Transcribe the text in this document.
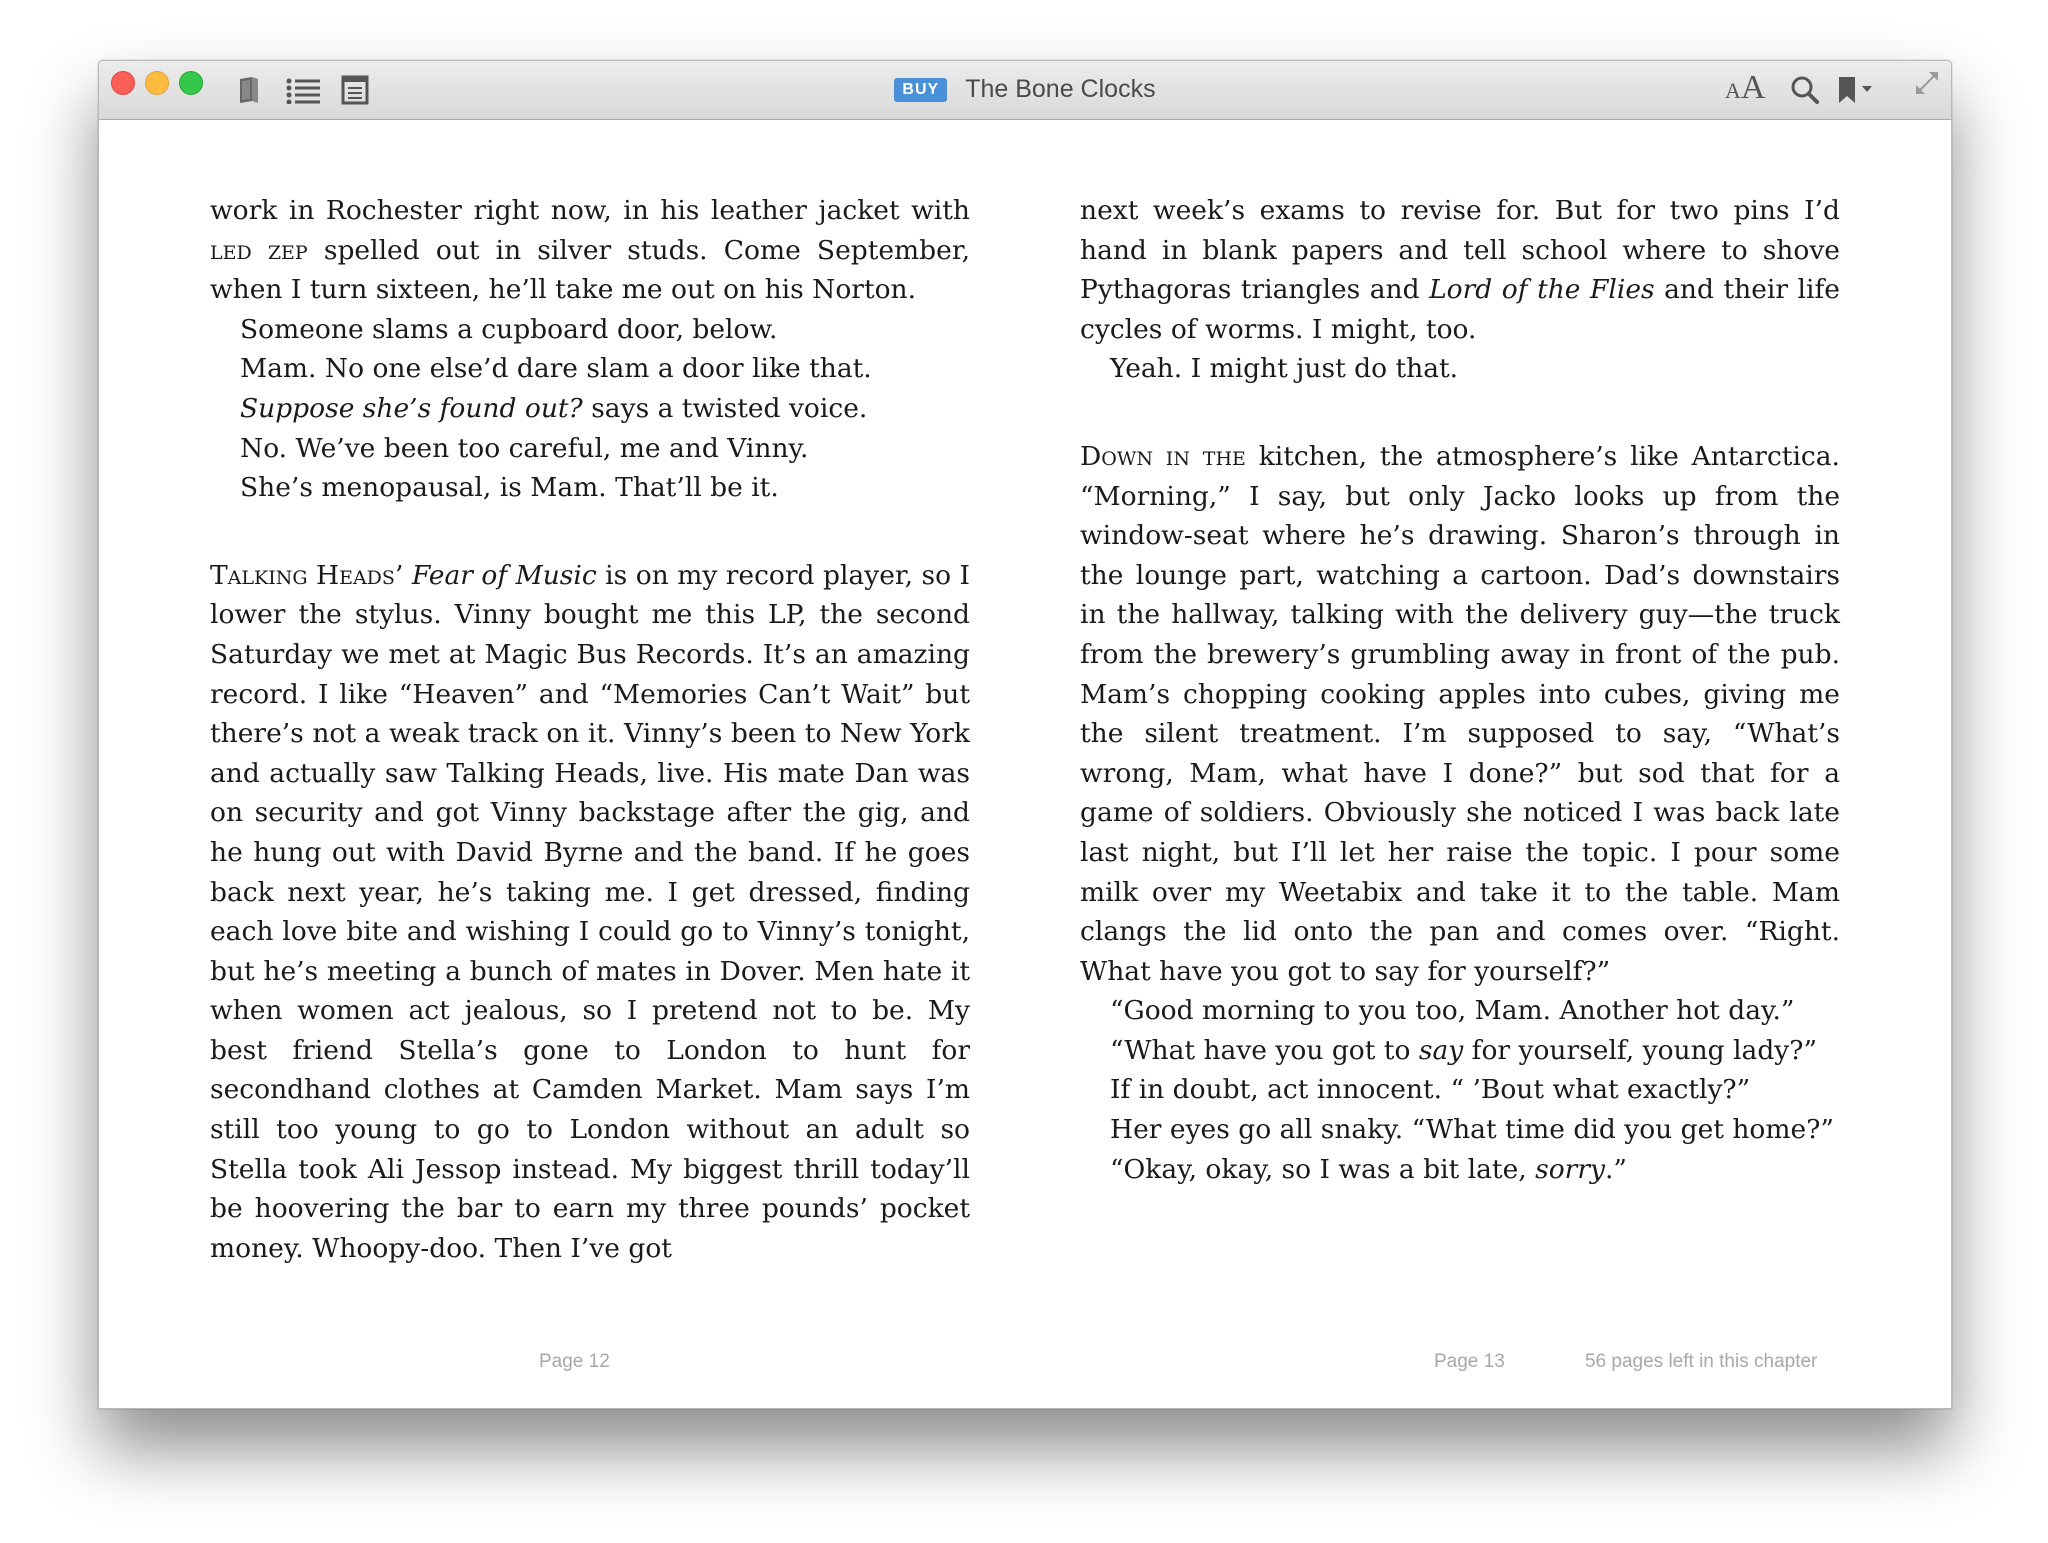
BUY The Bone Clocks	AA

work in Rochester right now, in his leather jacket with led zep spelled out in silver studs. Come September, when I turn sixteen, he’ll take me out on his Norton.

Someone slams a cupboard door, below.

Mam. No one else’d dare slam a door like that.

Suppose she’s found out? says a twisted voice.

No. We’ve been too careful, me and Vinny.

She’s menopausal, is Mam. That’ll be it.

Talking Heads’ Fear of Music is on my record player, so I lower the stylus. Vinny bought me this LP, the second Saturday we met at Magic Bus Records. It’s an amazing record. I like “Heaven” and “Memories Can’t Wait” but there’s not a weak track on it. Vinny’s been to New York and actually saw Talking Heads, live. His mate Dan was on security and got Vinny backstage after the gig, and he hung out with David Byrne and the band. If he goes back next year, he’s taking me. I get dressed, finding each love bite and wishing I could go to Vinny’s tonight, but he’s meeting a bunch of mates in Dover. Men hate it when women act jealous, so I pretend not to be. My best friend Stella’s gone to London to hunt for secondhand clothes at Camden Market. Mam says I’m still too young to go to London without an adult so Stella took Ali Jessop instead. My biggest thrill today’ll be hoovering the bar to earn my three pounds’ pocket money. Whoopy-doo. Then I’ve got

next week’s exams to revise for. But for two pins I’d hand in blank papers and tell school where to shove Pythagoras triangles and Lord of the Flies and their life cycles of worms. I might, too.

Yeah. I might just do that.

Down in the kitchen, the atmosphere’s like Antarctica. “Morning,” I say, but only Jacko looks up from the window-seat where he’s drawing. Sharon’s through in the lounge part, watching a cartoon. Dad’s downstairs in the hallway, talking with the delivery guy—the truck from the brewery’s grumbling away in front of the pub. Mam’s chopping cooking apples into cubes, giving me the silent treatment. I’m supposed to say, “What’s wrong, Mam, what have I done?” but sod that for a game of soldiers. Obviously she noticed I was back late last night, but I’ll let her raise the topic. I pour some milk over my Weetabix and take it to the table. Mam clangs the lid onto the pan and comes over. “Right. What have you got to say for yourself?”

“Good morning to you too, Mam. Another hot day.”

“What have you got to say for yourself, young lady?”

If in doubt, act innocent. “ ’Bout what exactly?”

Her eyes go all snaky. “What time did you get home?”

“Okay, okay, so I was a bit late, sorry.”

Page 12	Page 13	56 pages left in this chapter
